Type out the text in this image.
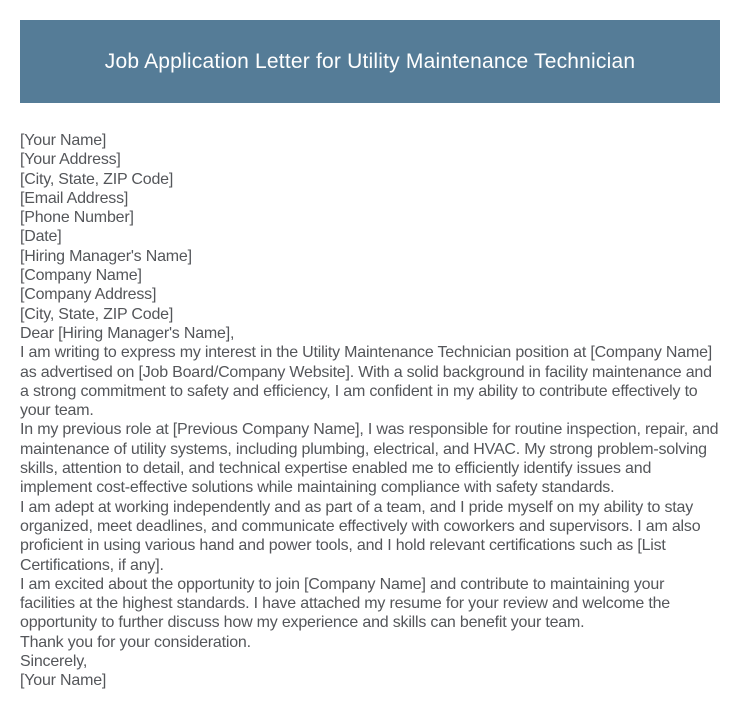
Job Application Letter for Utility Maintenance Technician

[Your Name]

[Your Address]

[City, State, ZIP Code]

[Email Address]

[Phone Number]

[Date]

[Hiring Manager's Name]

[Company Name]

[Company Address]

[City, State, ZIP Code]

Dear [Hiring Manager's Name],

I am writing to express my interest in the Utility Maintenance Technician position at [Company Name] as advertised on [Job Board/Company Website]. With a solid background in facility maintenance and a strong commitment to safety and efficiency, I am confident in my ability to contribute effectively to your team.

In my previous role at [Previous Company Name], I was responsible for routine inspection, repair, and maintenance of utility systems, including plumbing, electrical, and HVAC. My strong problem-solving skills, attention to detail, and technical expertise enabled me to efficiently identify issues and implement cost-effective solutions while maintaining compliance with safety standards.

I am adept at working independently and as part of a team, and I pride myself on my ability to stay organized, meet deadlines, and communicate effectively with coworkers and supervisors. I am also proficient in using various hand and power tools, and I hold relevant certifications such as [List Certifications, if any].

I am excited about the opportunity to join [Company Name] and contribute to maintaining your facilities at the highest standards. I have attached my resume for your review and welcome the opportunity to further discuss how my experience and skills can benefit your team.

Thank you for your consideration.

Sincerely,

[Your Name]
